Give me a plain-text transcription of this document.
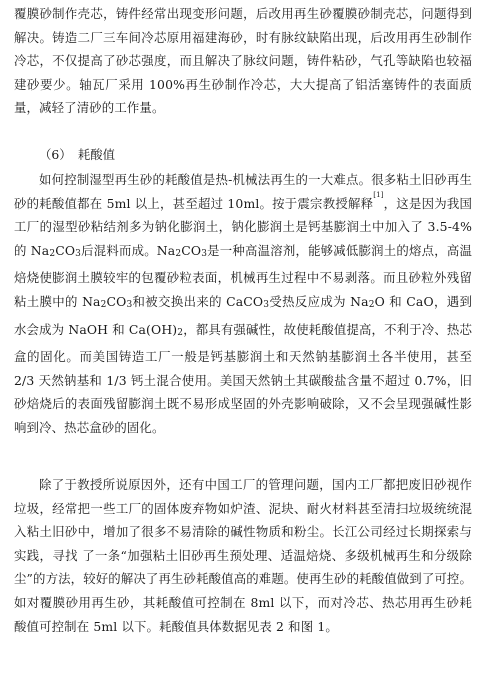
覆膜砂制作壳芯，铸件经常出现变形问题，后改用再生砂覆膜砂制壳芯，问题得到解决。铸造二厂三车间冷芯原用福建海砂，时有脉纹缺陷出现，后改用再生砂制作冷芯，不仅提高了砂芯强度，而且解决了脉纹问题，铸件粘砂，气孔等缺陷也较福建砂要少。轴瓦厂采用 100%再生砂制作冷芯，大大提高了铝活塞铸件的表面质量，减轻了清砂的工作量。

（6）　耗酸值

如何控制湿型再生砂的耗酸值是热-机械法再生的一大难点。很多粘土旧砂再生砂的耗酸值都在 5ml 以上，甚至超过 10ml。按于震宗教授解释[1]，这是因为我国工厂的湿型砂粘结剂多为钠化膨润土，钠化膨润土是钙基膨润土中加入了 3.5-4%的 Na2CO3后混料而成。Na2CO3是一种高温溶剂，能够减低膨润土的熔点，高温焙烧使膨润土膜较牢的包覆砂粒表面，机械再生过程中不易剥落。而且砂粒外残留粘土膜中的 Na2CO3和被交换出来的 CaCO3受热反应成为 Na2O 和 CaO，遇到水会成为 NaOH 和 Ca(OH)2，都具有强碱性，故使耗酸值提高，不利于冷、热芯盒的固化。而美国铸造工厂一般是钙基膨润土和天然钠基膨润土各半使用，甚至 2/3 天然钠基和 1/3 钙土混合使用。美国天然钠土其碳酸盐含量不超过 0.7%，旧砂焙烧后的表面残留膨润土既不易形成坚固的外壳影响破除，又不会呈现强碱性影响到冷、热芯盒砂的固化。

除了于教授所说原因外，还有中国工厂的管理问题，国内工厂都把废旧砂视作垃圾，经常把一些工厂的固体废弃物如炉渣、泥块、耐火材料甚至清扫垃圾统统混入粘土旧砂中，增加了很多不易清除的碱性物质和粉尘。长江公司经过长期探索与实践，寻找 了一条“加强粘土旧砂再生预处理、适温焙烧、多级机械再生和分级除尘”的方法，较好的解决了再生砂耗酸值高的难题。使再生砂的耗酸值做到了可控。如对覆膜砂用再生砂，其耗酸值可控制在 8ml 以下，而对冷芯、热芯用再生砂耗酸值可控制在 5ml 以下。耗酸值具体数据见表 2 和图 1。
